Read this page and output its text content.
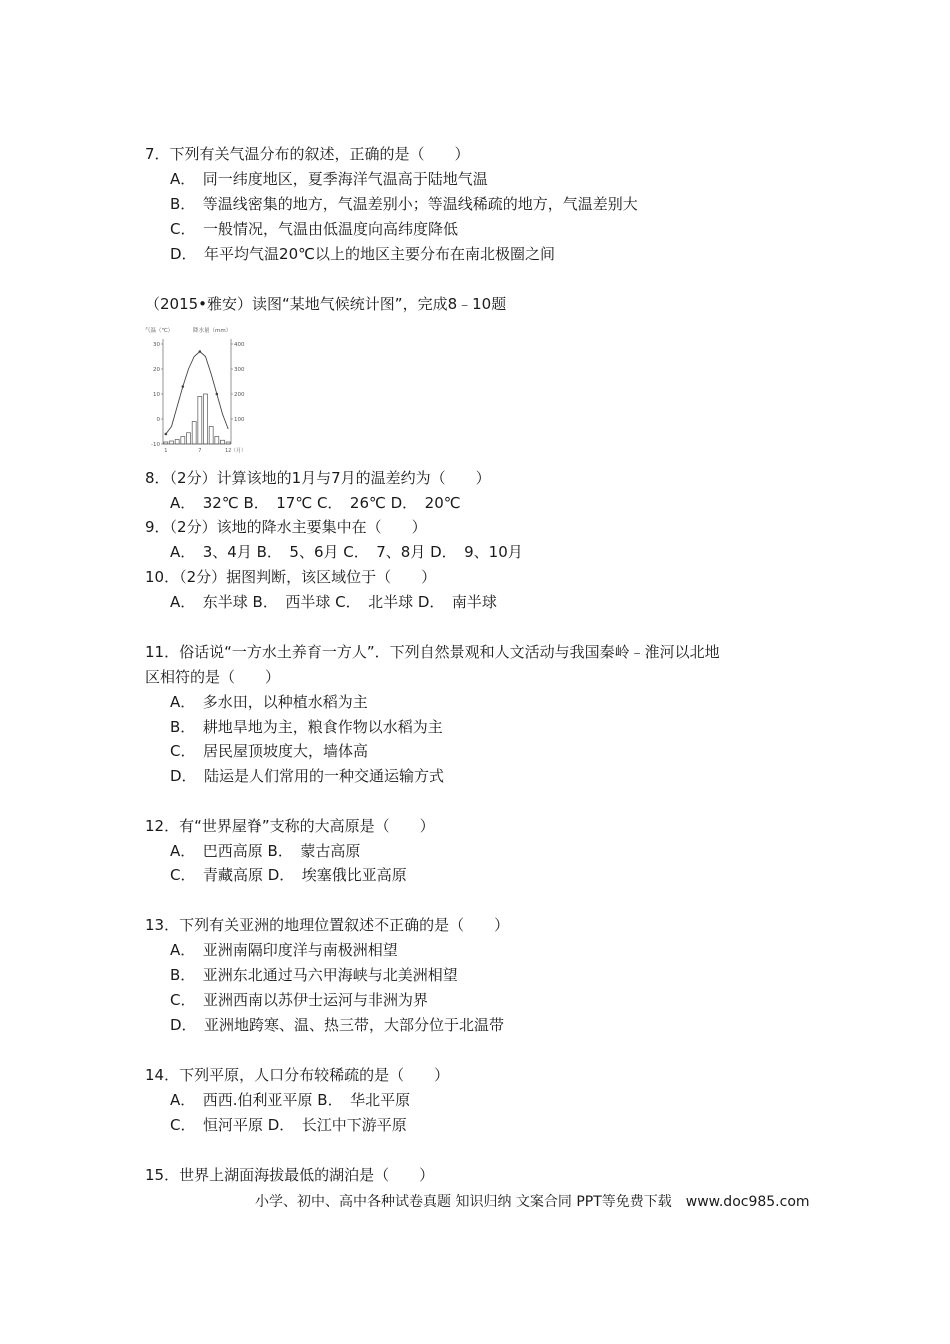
7．下列有关气温分布的叙述，正确的是（　　）
A．　同一纬度地区，夏季海洋气温高于陆地气温
B．　等温线密集的地方，气温差别小；等温线稀疏的地方，气温差别大
C．　一般情况，气温由低温度向高纬度降低
D．　年平均气温20℃以上的地区主要分布在南北极圈之间
（2015•雅安）读图“某地气候统计图”，完成8﹣10题
气温（℃）	降水量（mm）
30
20
10
0
-10
400
300
200
100
1	7	12 （月）
8．（2分）计算该地的1月与7月的温差约为（　　）
A．　32℃ B．　17℃ C．　26℃ D．　20℃
9．（2分）该地的降水主要集中在（　　）
A．　3、4月 B．　5、6月 C．　7、8月 D．　9、10月
10．（2分）据图判断，该区域位于（　　）
A．　东半球 B．　西半球 C．　北半球 D．　南半球
11．俗话说“一方水土养育一方人”．下列自然景观和人文活动与我国秦岭﹣淮河以北地
区相符的是（　　）
A．　多水田，以种植水稻为主
B．　耕地旱地为主，粮食作物以水稻为主
C．　居民屋顶坡度大，墙体高
D．　陆运是人们常用的一种交通运输方式
12．有“世界屋脊”支称的大高原是（　　）
A．　巴西高原 B．　蒙古高原
C．　青藏高原 D．　埃塞俄比亚高原
13．下列有关亚洲的地理位置叙述不正确的是（　　）
A．　亚洲南隔印度洋与南极洲相望
B．　亚洲东北通过马六甲海峡与北美洲相望
C．　亚洲西南以苏伊士运河与非洲为界
D．　亚洲地跨寒、温、热三带，大部分位于北温带
14．下列平原，人口分布较稀疏的是（　　）
A．　西西.伯利亚平原 B．　华北平原
C．　恒河平原 D．　长江中下游平原
15．世界上湖面海拔最低的湖泊是（　　）
小学、初中、高中各种试卷真题 知识归纳 文案合同 PPT等免费下载　www.doc985.com
